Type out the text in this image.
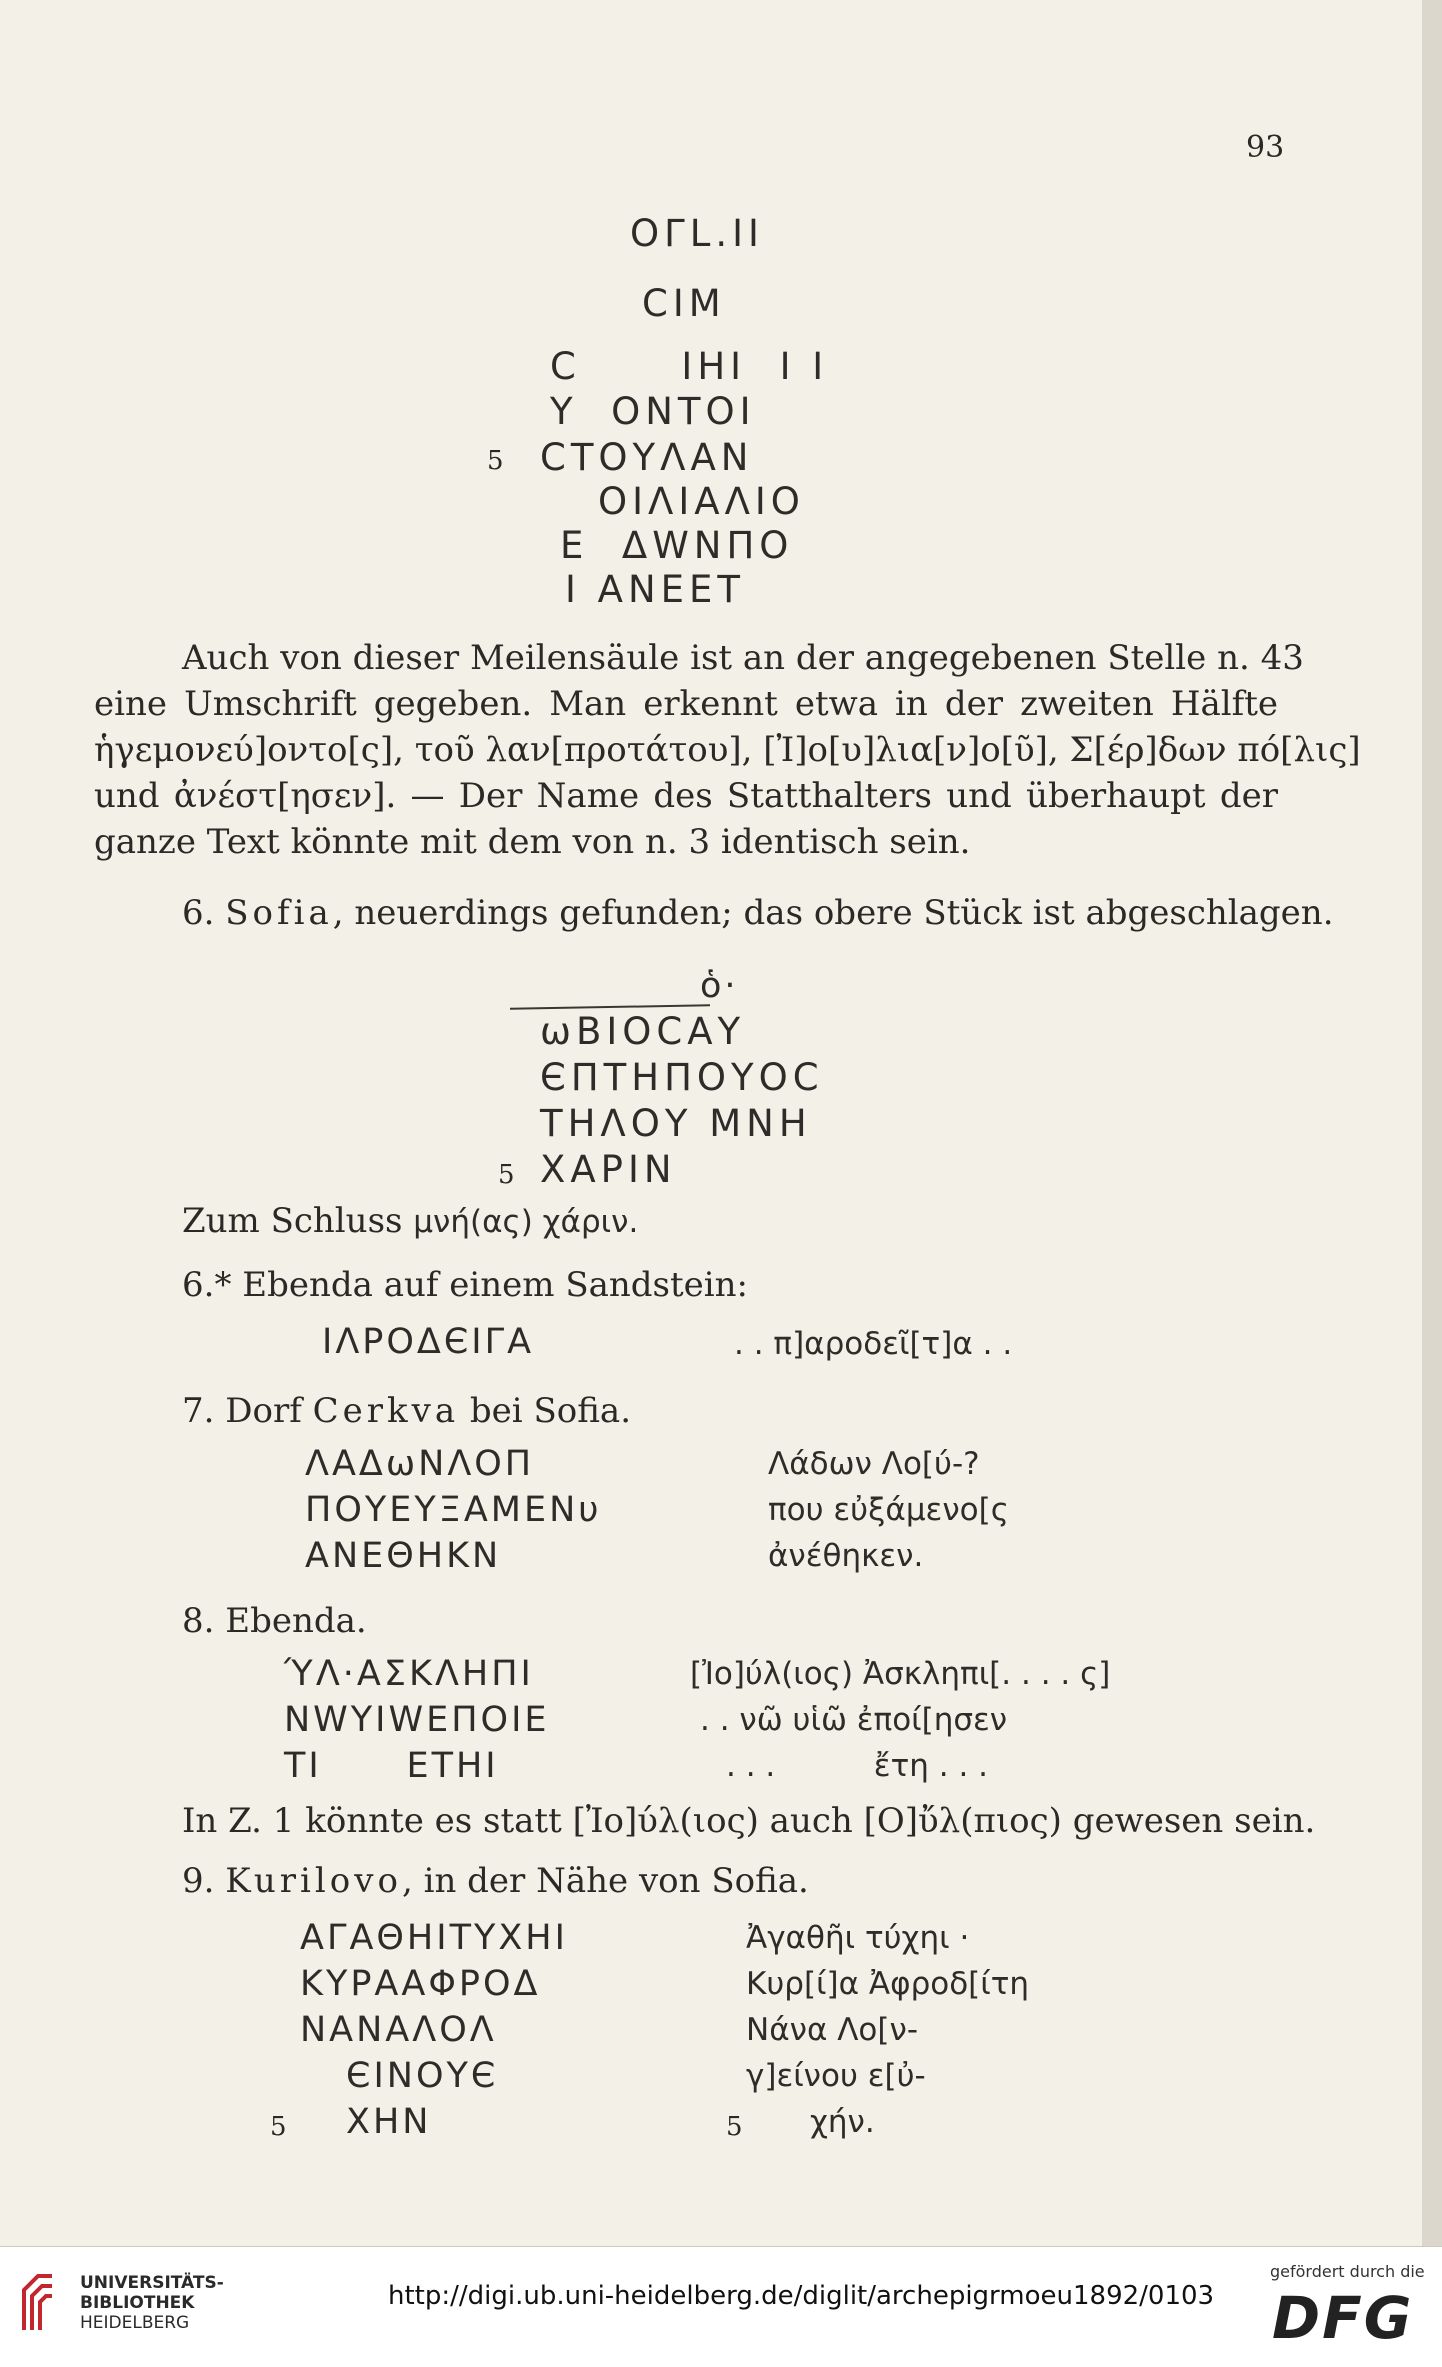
93
ΟΓL.ΙΙ
CΙΜ
C      ΙΗΙ  Ι Ι
Υ  ΟΝΤΟΙ
5 CΤΟΥΛΑΝ
ΟΙΛΙΑΛΙΟ
Ε  ΔWΝΠΟ
Ι ΑΝΕΕΤ
Auch von dieser Meilensäule ist an der angegebenen Stelle n. 43
eine Umschrift gegeben. Man erkennt etwa in der zweiten Hälfte
ἡγεμονεύ]οντο[ς], τοῦ λαν[προτάτου], [Ἰ]ο[υ]λια[ν]ο[ῦ], Σ[έρ]δων πό[λις]
und ἀνέστ[ησεν]. — Der Name des Statthalters und überhaupt der
ganze Text könnte mit dem von n. 3 identisch sein.
6. Sofia, neuerdings gefunden; das obere Stück ist abgeschlagen.
ὁ·
ωΒΙΟCΑΥ
ЄΠΤΗΠΟΥΟC
ΤΗΛΟΥ ΜΝΗ
5 ΧΑΡΙΝ
Zum Schluss μνή(ας) χάριν.
6.* Ebenda auf einem Sandstein:
ΙΛΡΟΔЄΙΓΑ	. . π]αροδεῖ[τ]α . .
7. Dorf Cerkva bei Sofia.
ΛΑΔωΝΛΟΠ
ΠΟΥΕΥΞΑΜΕΝυ
ΑΝΕΘΗΚΝ
Λάδων Λο[ύ-?
που εὐξάμενο[ς
ἀνέθηκεν.
8. Ebenda.
ΎΛ·ΑΣΚΛΗΠΙ
ΝWΥΙWΕΠΟΙΕ
ΤΙ      ΕΤΗΙ
[Ἰο]ύλ(ιος) Ἀσκληπι[. . . . ς]
. . νῶ υἱῶ ἐποί[ησεν
. . .          ἔτη . . .
In Z. 1 könnte es statt [Ἰο]ύλ(ιος) auch [Ο]ὔλ(πιος) gewesen sein.
9. Kurilovo, in der Nähe von Sofia.
ΑΓΑΘΗΙΤΥΧΗΙ
ΚΥΡΑΑΦΡΟΔ
ΝΑΝΑΛΟΛ
ЄΙΝΟΥЄ
5 ΧΗΝ
Ἀγαθῆι τύχηι ·
Κυρ[ί]α Ἀφροδ[ίτη
Νάνα Λο[ν-
γ]είνου ε[ὐ-
5 χήν.
UNIVERSITÄTS-
BIBLIOTHEK
HEIDELBERG
http://digi.ub.uni-heidelberg.de/diglit/archepigrmoeu1892/0103
gefördert durch die
DFG
